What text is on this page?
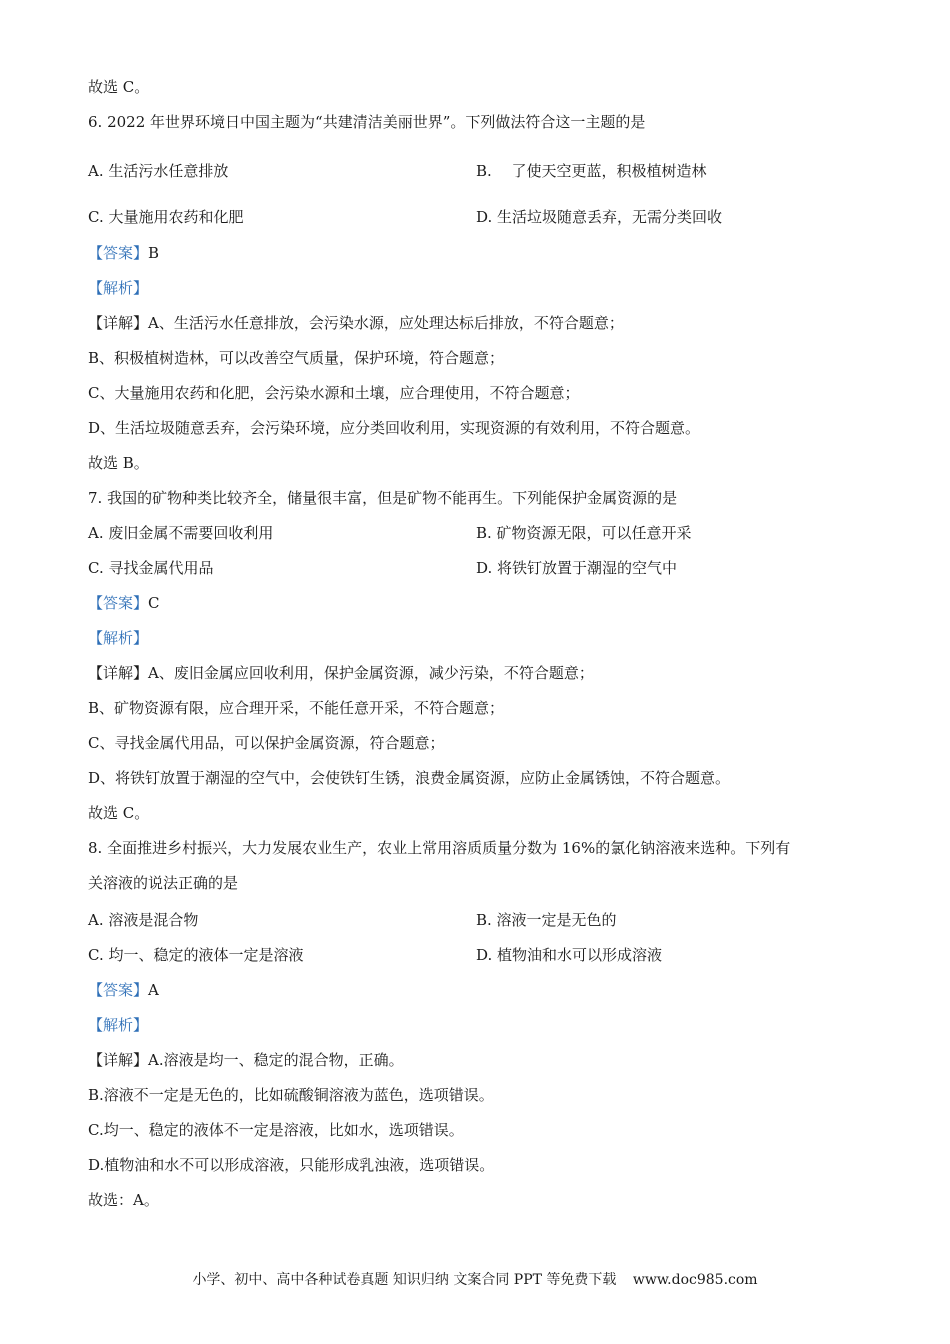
故选 C。
6. 2022 年世界环境日中国主题为“共建清洁美丽世界”。下列做法符合这一主题的是
A. 生活污水任意排放	B.　 了使天空更蓝，积极植树造林
C. 大量施用农药和化肥	D. 生活垃圾随意丢弃，无需分类回收
【答案】B
【解析】
【详解】A、生活污水任意排放，会污染水源，应处理达标后排放，不符合题意；
B、积极植树造林，可以改善空气质量，保护环境，符合题意；
C、大量施用农药和化肥，会污染水源和土壤，应合理使用，不符合题意；
D、生活垃圾随意丢弃，会污染环境，应分类回收利用，实现资源的有效利用，不符合题意。
故选 B。
7. 我国的矿物种类比较齐全，储量很丰富，但是矿物不能再生。下列能保护金属资源的是
A. 废旧金属不需要回收利用	B. 矿物资源无限，可以任意开采
C. 寻找金属代用品	D. 将铁钉放置于潮湿的空气中
【答案】C
【解析】
【详解】A、废旧金属应回收利用，保护金属资源，减少污染，不符合题意；
B、矿物资源有限，应合理开采，不能任意开采，不符合题意；
C、寻找金属代用品，可以保护金属资源，符合题意；
D、将铁钉放置于潮湿的空气中，会使铁钉生锈，浪费金属资源，应防止金属锈蚀，不符合题意。
故选 C。
8. 全面推进乡村振兴，大力发展农业生产，农业上常用溶质质量分数为 16%的氯化钠溶液来选种。下列有
关溶液的说法正确的是
A. 溶液是混合物	B. 溶液一定是无色的
C. 均一、稳定的液体一定是溶液	D. 植物油和水可以形成溶液
【答案】A
【解析】
【详解】A.溶液是均一、稳定的混合物，正确。
B.溶液不一定是无色的，比如硫酸铜溶液为蓝色，选项错误。
C.均一、稳定的液体不一定是溶液，比如水，选项错误。
D.植物油和水不可以形成溶液，只能形成乳浊液，选项错误。
故选：A。
小学、初中、高中各种试卷真题 知识归纳 文案合同 PPT 等免费下载 www.doc985.com
